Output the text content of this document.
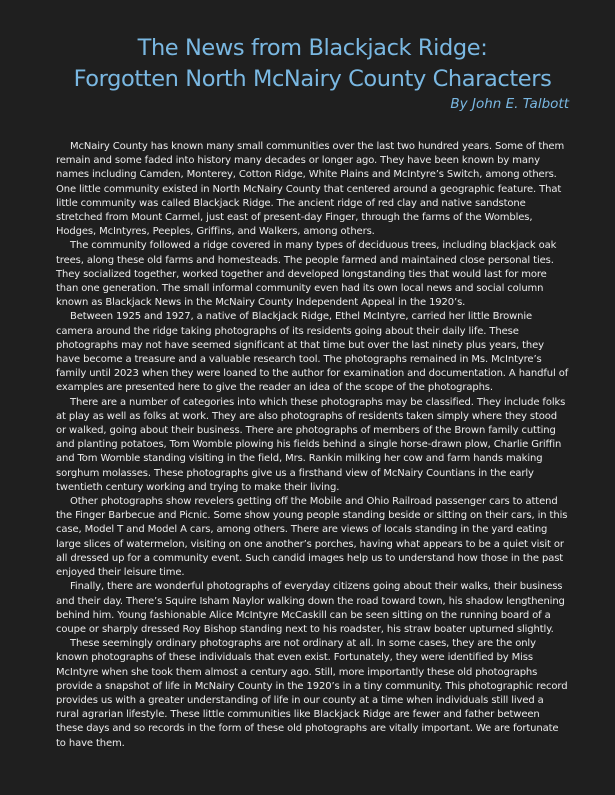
The News from Blackjack Ridge:
Forgotten North McNairy County Characters

By John E. Talbott

McNairy County has known many small communities over the last two hundred years. Some of them remain and some faded into history many decades or longer ago. They have been known by many names including Camden, Monterey, Cotton Ridge, White Plains and McIntyre’s Switch, among others. One little community existed in North McNairy County that centered around a geographic feature. That little community was called Blackjack Ridge. The ancient ridge of red clay and native sandstone stretched from Mount Carmel, just east of present-day Finger, through the farms of the Wombles, Hodges, McIntyres, Peeples, Griffins, and Walkers, among others.

The community followed a ridge covered in many types of deciduous trees, including blackjack oak trees, along these old farms and homesteads. The people farmed and maintained close personal ties. They socialized together, worked together and developed longstanding ties that would last for more than one generation. The small informal community even had its own local news and social column known as Blackjack News in the McNairy County Independent Appeal in the 1920’s.

Between 1925 and 1927, a native of Blackjack Ridge, Ethel McIntyre, carried her little Brownie camera around the ridge taking photographs of its residents going about their daily life. These photographs may not have seemed significant at that time but over the last ninety plus years, they have become a treasure and a valuable research tool. The photographs remained in Ms. McIntyre’s family until 2023 when they were loaned to the author for examination and documentation. A handful of examples are presented here to give the reader an idea of the scope of the photographs.

There are a number of categories into which these photographs may be classified. They include folks at play as well as folks at work. They are also photographs of residents taken simply where they stood or walked, going about their business. There are photographs of members of the Brown family cutting and planting potatoes, Tom Womble plowing his fields behind a single horse-drawn plow, Charlie Griffin and Tom Womble standing visiting in the field, Mrs. Rankin milking her cow and farm hands making sorghum molasses. These photographs give us a firsthand view of McNairy Countians in the early twentieth century working and trying to make their living.

Other photographs show revelers getting off the Mobile and Ohio Railroad passenger cars to attend the Finger Barbecue and Picnic. Some show young people standing beside or sitting on their cars, in this case, Model T and Model A cars, among others. There are views of locals standing in the yard eating large slices of watermelon, visiting on one another’s porches, having what appears to be a quiet visit or all dressed up for a community event. Such candid images help us to understand how those in the past enjoyed their leisure time.

Finally, there are wonderful photographs of everyday citizens going about their walks, their business and their day. There’s Squire Isham Naylor walking down the road toward town, his shadow lengthening behind him. Young fashionable Alice McIntyre McCaskill can be seen sitting on the running board of a coupe or sharply dressed Roy Bishop standing next to his roadster, his straw boater upturned slightly.

These seemingly ordinary photographs are not ordinary at all. In some cases, they are the only known photographs of these individuals that even exist. Fortunately, they were identified by Miss McIntyre when she took them almost a century ago. Still, more importantly these old photographs provide a snapshot of life in McNairy County in the 1920’s in a tiny community. This photographic record provides us with a greater understanding of life in our county at a time when individuals still lived a rural agrarian lifestyle. These little communities like Blackjack Ridge are fewer and father between these days and so records in the form of these old photographs are vitally important. We are fortunate to have them.
